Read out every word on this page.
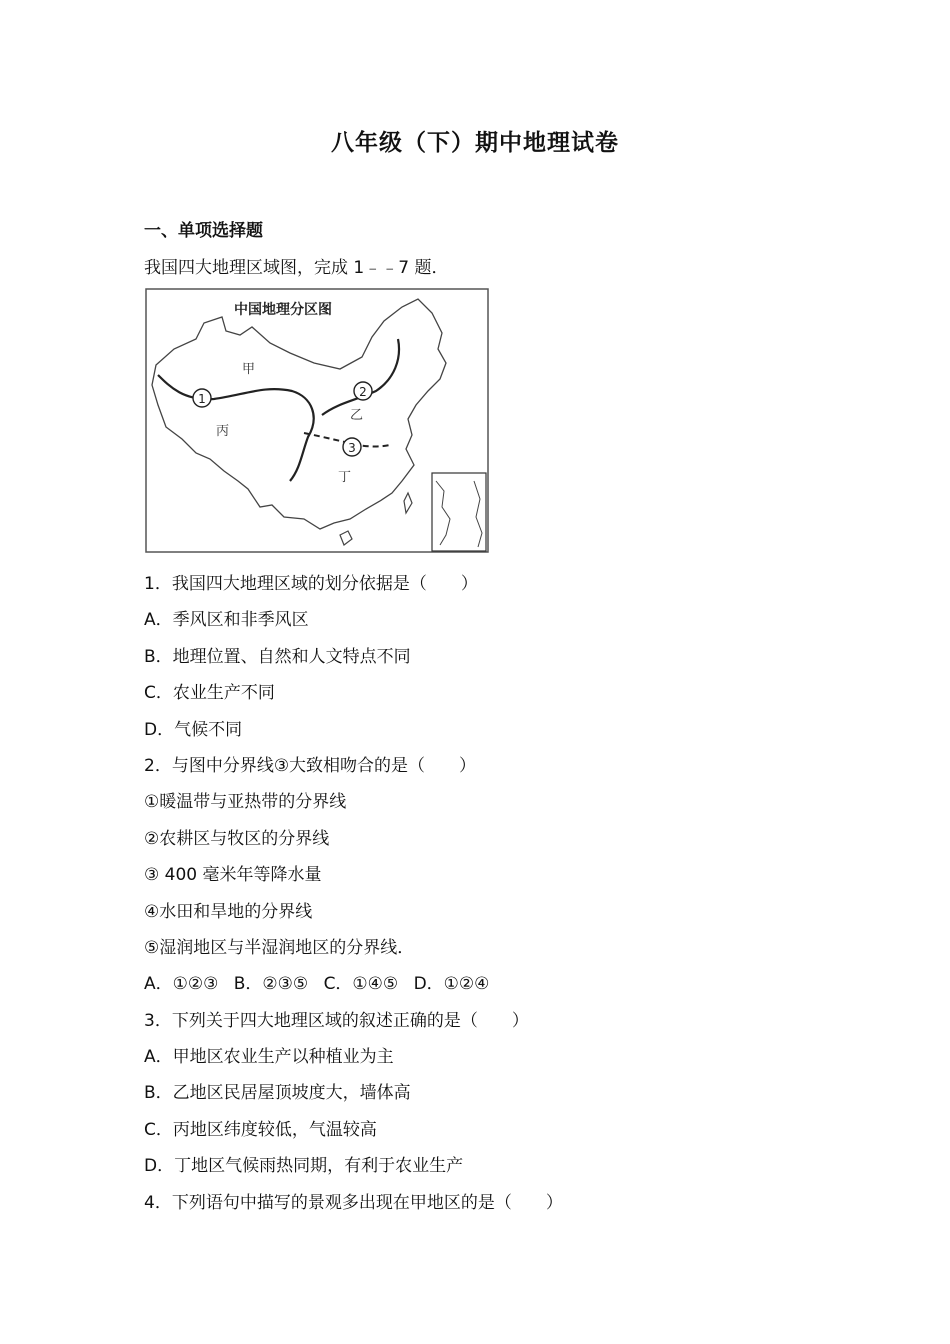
八年级（下）期中地理试卷
一、单项选择题
我国四大地理区域图，完成 1﹣﹣7 题．
中国地理分区图
1	2
3
甲
乙
丙
丁
1．我国四大地理区域的划分依据是（　　）
A．季风区和非季风区
B．地理位置、自然和人文特点不同
C．农业生产不同
D．气候不同
2．与图中分界线③大致相吻合的是（　　）
①暖温带与亚热带的分界线
②农耕区与牧区的分界线
③ 400 毫米年等降水量
④水田和旱地的分界线
⑤湿润地区与半湿润地区的分界线．
A．①②③ B．②③⑤ C．①④⑤ D．①②④
3．下列关于四大地理区域的叙述正确的是（　　）
A．甲地区农业生产以种植业为主
B．乙地区民居屋顶坡度大，墙体高
C．丙地区纬度较低，气温较高
D．丁地区气候雨热同期，有利于农业生产
4．下列语句中描写的景观多出现在甲地区的是（　　）
